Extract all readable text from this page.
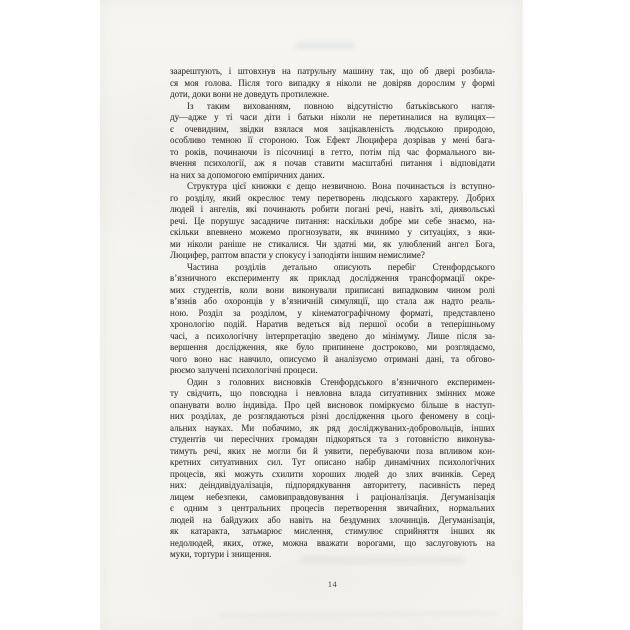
заарештують, і штовхнув на патрульну машину так, що об двері розбила-
ся моя голова. Після того випадку я ніколи не довіряв дорослим у формі
доти, доки вони не доведуть протилежне.
Із таким вихованням, повною відсутністю батьківського нагля-
ду—адже у ті часи діти і батьки ніколи не перетиналися на вулицях—
є очевидним, звідки взялася моя зацікавленість людською природою,
особливо темною її стороною. Тож Ефект Люцифера дозрівав у мені бага-
то років, починаючи із пісочниці в гетто, потім під час формального ви-
вчення психології, аж я почав ставити масштабні питання і відповідати
на них за допомогою емпіричних даних.
Структура цієї книжки є дещо незвичною. Вона починається із вступно-
го розділу, який окреслює тему перетворень людського характеру. Добрих
людей і ангелів, які починають робити погані речі, навіть злі, диявольські
речі. Це порушує засадниче питання: наскільки добре ми себе знаємо, на-
скільки впевнено можемо прогнозувати, як вчинимо у ситуаціях, з яки-
ми ніколи раніше не стикалися. Чи здатні ми, як улюблений ангел Бога,
Люцифер, раптом впасти у спокусу і заподіяти іншим немислиме?
Частина розділів детально описують перебіг Стенфордського
в’язничного експерименту як приклад дослідження трансформації окре-
мих студентів, коли вони виконували приписані випадковим чином ролі
в’язнів або охоронців у в’язничній симуляції, що стала аж надто реаль-
ною. Розділ за розділом, у кінематографічному форматі, представлено
хронологію подій. Наратив ведеться від першої особи в теперішньому
часі, а психологічну інтерпретацію зведено до мінімуму. Лише після за-
вершення дослідження, яке було припинене достроково, ми розглядаємо,
чого воно нас навчило, описуємо й аналізуємо отримані дані, та обгово-
рюємо залучені психологічні процеси.
Один з головних висновків Стенфордського в’язничного експеримен-
ту свідчить, що повсюдна і невловна влада ситуативних змінних може
опанувати волю індивіда. Про цей висновок поміркуємо більше в наступ-
них розділах, де розглядаються різні дослідження цього феномену в соці-
альних науках. Ми побачимо, як ряд досліджуваних-добровольців, інших
студентів чи пересічних громадян підкоряться та з готовністю виконува-
тимуть речі, яких не могли би й уявити, перебуваючи поза впливом кон-
кретних ситуативних сил. Тут описано набір динамічних психологічних
процесів, які можуть схилити хороших людей до злих вчинків. Серед
них: деіндивідуалізація, підпорядкування авторитету, пасивність перед
лицем небезпеки, самовиправдовування і раціоналізація. Дегуманізація
є одним з центральних процесів перетворення звичайних, нормальних
людей на байдужих або навіть на бездумних злочинців. Дегуманізація,
як катаракта, затьмарює мислення, стимулює сприйняття інших як
недолюдей, яких, отже, можна вважати ворогами, що заслуговують на
муки, тортури і знищення.
14
